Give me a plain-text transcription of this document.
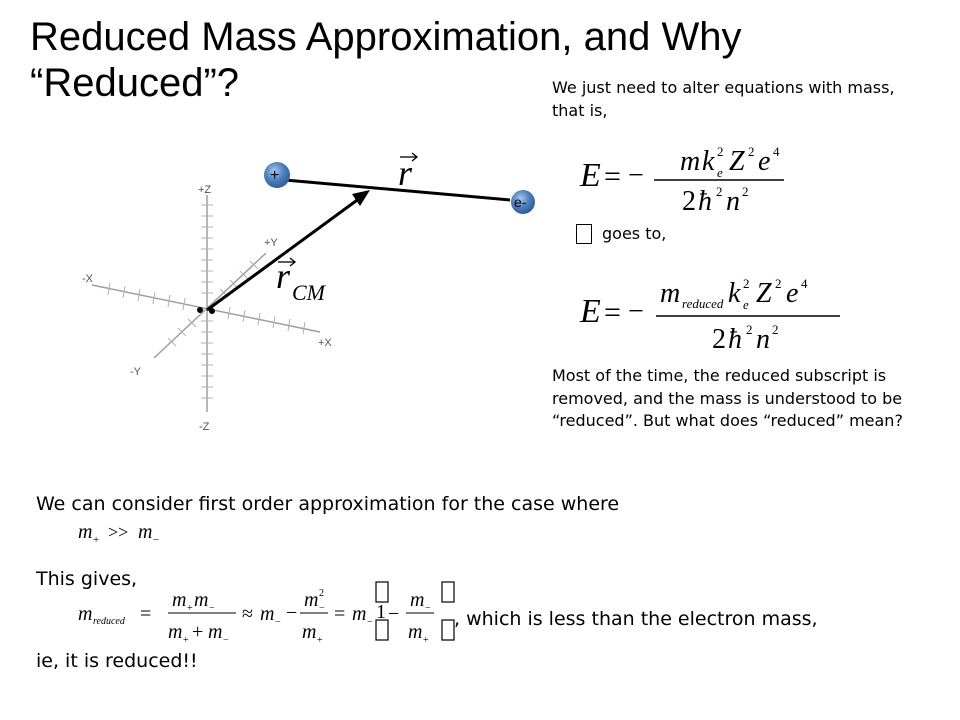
Reduced Mass Approximation, and Why
“Reduced”?	We just need to alter equations with mass, that is,
E = − m k 2
e Z 2 e 4
2 ħ 2 n 2
goes to,
E = −
m reduced k 2
e Z 2 e 4
2 ħ 2 n 2
Most of the time, the reduced subscript is removed, and the mass is understood to be “reduced”. But what does “reduced” mean?
+Z
-Z
+X
-X
+Y
-Y
+
e-
r
r CM
We can consider first order approximation for the case where
m + >> m −
This gives,
m reduced =
m + m −
m + + m −
≈ m − −
m 2
−
m +
= m − 1 −
m −
m +
, which is less than the electron mass,
ie, it is reduced!!
